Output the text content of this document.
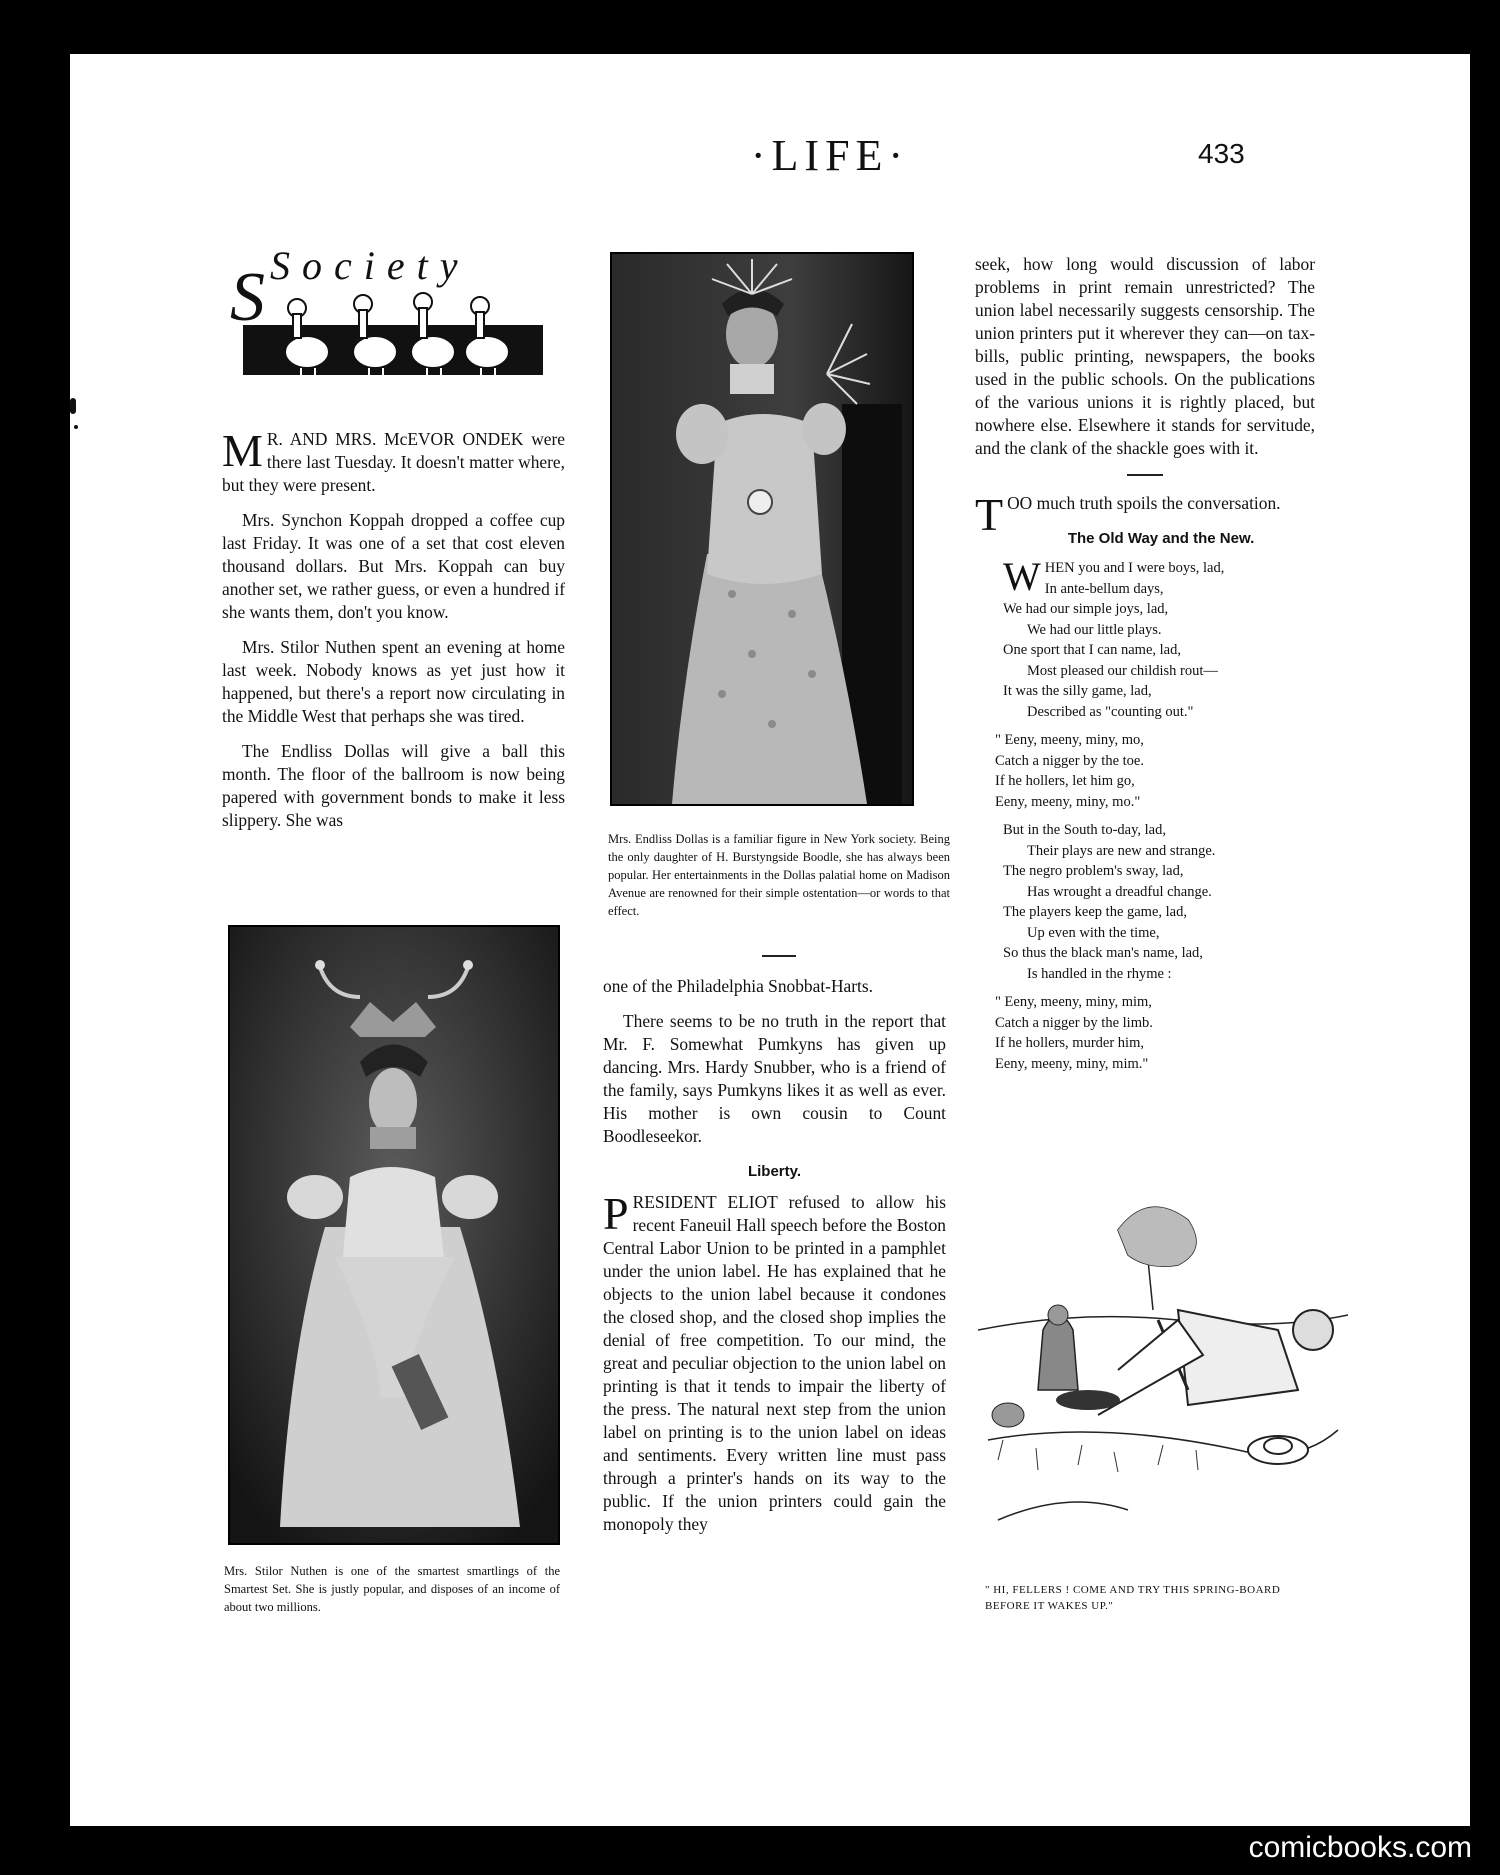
·LIFE·	433
S Society

M R. AND MRS. McEVOR ONDEK were there last Tuesday. It doesn't matter where, but they were present.

Mrs. Synchon Koppah dropped a coffee cup last Friday. It was one of a set that cost eleven thousand dollars. But Mrs. Koppah can buy another set, we rather guess, or even a hundred if she wants them, don't you know.

Mrs. Stilor Nuthen spent an evening at home last week. Nobody knows as yet just how it happened, but there's a report now circulating in the Middle West that perhaps she was tired.

The Endliss Dollas will give a ball this month. The floor of the ballroom is now being papered with government bonds to make it less slippery. She was

Mrs. Stilor Nuthen is one of the smartest smartlings of the Smartest Set. She is justly popular, and disposes of an income of about two millions.
Mrs. Endliss Dollas is a familiar figure in New York society. Being the only daughter of H. Burstyngside Boodle, she has always been popular. Her entertainments in the Dollas palatial home on Madison Avenue are renowned for their simple ostentation—or words to that effect.

one of the Philadelphia Snobbat-Harts.

There seems to be no truth in the report that Mr. F. Somewhat Pumkyns has given up dancing. Mrs. Hardy Snubber, who is a friend of the family, says Pumkyns likes it as well as ever. His mother is own cousin to Count Boodleseekor.

Liberty.

PRESIDENT ELIOT refused to allow his recent Faneuil Hall speech before the Boston Central Labor Union to be printed in a pamphlet under the union label. He has explained that he objects to the union label because it condones the closed shop, and the closed shop implies the denial of free competition. To our mind, the great and peculiar objection to the union label on printing is that it tends to impair the liberty of the press. The natural next step from the union label on printing is to the union label on ideas and sentiments. Every written line must pass through a printer's hands on its way to the public. If the union printers could gain the monopoly they

seek, how long would discussion of labor problems in print remain unrestricted? The union label necessarily suggests censorship. The union printers put it wherever they can—on tax-bills, public printing, newspapers, the books used in the public schools. On the publications of the various unions it is rightly placed, but nowhere else. Elsewhere it stands for servitude, and the clank of the shackle goes with it.

TOO much truth spoils the conversation.

The Old Way and the New.
W HEN you and I were boys, lad,
In ante-bellum days,
We had our simple joys, lad,
We had our little plays.
One sport that I can name, lad,
Most pleased our childish rout—
It was the silly game, lad,
Described as "counting out."
" Eeny, meeny, miny, mo,
Catch a nigger by the toe.
If he hollers, let him go,
Eeny, meeny, miny, mo."
But in the South to-day, lad,
Their plays are new and strange.
The negro problem's sway, lad,
Has wrought a dreadful change.
The players keep the game, lad,
Up even with the time,
So thus the black man's name, lad,
Is handled in the rhyme :
" Eeny, meeny, miny, mim,
Catch a nigger by the limb.
If he hollers, murder him,
Eeny, meeny, miny, mim."
" HI, FELLERS ! COME AND TRY THIS SPRING-BOARD BEFORE IT WAKES UP."
comicbooks.com
